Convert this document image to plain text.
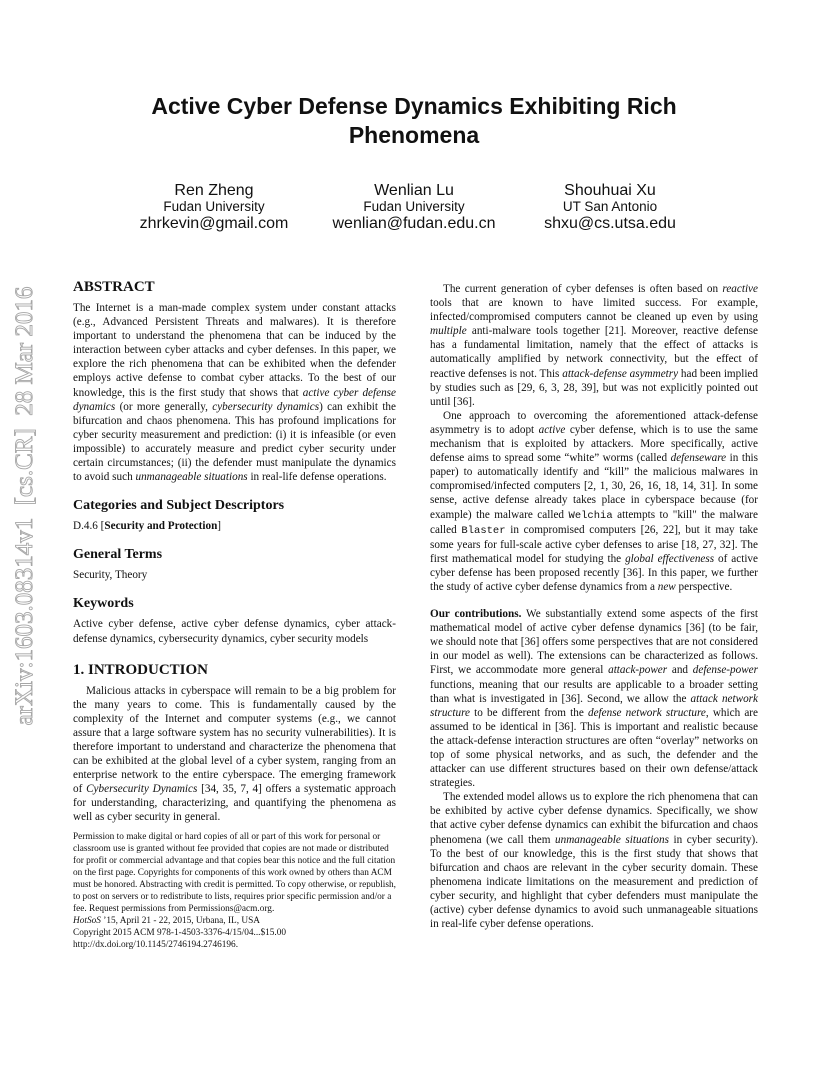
Active Cyber Defense Dynamics Exhibiting Rich
Phenomena
Ren Zheng
Fudan University
zhrkevin@gmail.com
Wenlian Lu
Fudan University
wenlian@fudan.edu.cn
Shouhuai Xu
UT San Antonio
shxu@cs.utsa.edu
arXiv:1603.08314v1  [cs.CR]  28 Mar 2016 ABSTRACT

The Internet is a man-made complex system under constant attacks (e.g., Advanced Persistent Threats and malwares). It is therefore important to understand the phenomena that can be induced by the interaction between cyber attacks and cyber defenses. In this paper, we explore the rich phenomena that can be exhibited when the defender employs active defense to combat cyber attacks. To the best of our knowledge, this is the first study that shows that active cyber defense dynamics (or more generally, cybersecurity dynamics) can exhibit the bifurcation and chaos phenomena. This has profound implications for cyber security measurement and prediction: (i) it is infeasible (or even impossible) to accurately measure and predict cyber security under certain circumstances; (ii) the defender must manipulate the dynamics to avoid such unmanageable situations in real-life defense operations.

Categories and Subject Descriptors

D.4.6 [Security and Protection]

General Terms

Security, Theory

Keywords

Active cyber defense, active cyber defense dynamics, cyber attack-defense dynamics, cybersecurity dynamics, cyber security models

1. INTRODUCTION

Malicious attacks in cyberspace will remain to be a big problem for the many years to come. This is fundamentally caused by the complexity of the Internet and computer systems (e.g., we cannot assure that a large software system has no security vulnerabilities). It is therefore important to understand and characterize the phenomena that can be exhibited at the global level of a cyber system, ranging from an enterprise network to the entire cyberspace. The emerging framework of Cybersecurity Dynamics [34, 35, 7, 4] offers a systematic approach for understanding, characterizing, and quantifying the phenomena as well as cyber security in general.

Permission to make digital or hard copies of all or part of this work for personal or classroom use is granted without fee provided that copies are not made or distributed for profit or commercial advantage and that copies bear this notice and the full citation on the first page. Copyrights for components of this work owned by others than ACM must be honored. Abstracting with credit is permitted. To copy otherwise, or republish, to post on servers or to redistribute to lists, requires prior specific permission and/or a fee. Request permissions from Permissions@acm.org.

HotSoS ’15, April 21 - 22, 2015, Urbana, IL, USA

Copyright 2015 ACM 978-1-4503-3376-4/15/04...$15.00

http://dx.doi.org/10.1145/2746194.2746196.

The current generation of cyber defenses is often based on reactive tools that are known to have limited success. For example, infected/compromised computers cannot be cleaned up even by using multiple anti-malware tools together [21]. Moreover, reactive defense has a fundamental limitation, namely that the effect of attacks is automatically amplified by network connectivity, but the effect of reactive defenses is not. This attack-defense asymmetry had been implied by studies such as [29, 6, 3, 28, 39], but was not explicitly pointed out until [36].

One approach to overcoming the aforementioned attack-defense asymmetry is to adopt active cyber defense, which is to use the same mechanism that is exploited by attackers. More specifically, active defense aims to spread some “white” worms (called defenseware in this paper) to automatically identify and “kill” the malicious malwares in compromised/infected computers [2, 1, 30, 26, 16, 18, 14, 31]. In some sense, active defense already takes place in cyberspace because (for example) the malware called Welchia attempts to "kill" the malware called Blaster in compromised computers [26, 22], but it may take some years for full-scale active cyber defenses to arise [18, 27, 32]. The first mathematical model for studying the global effectiveness of active cyber defense has been proposed recently [36]. In this paper, we further the study of active cyber defense dynamics from a new perspective.

Our contributions. We substantially extend some aspects of the first mathematical model of active cyber defense dynamics [36] (to be fair, we should note that [36] offers some perspectives that are not considered in our model as well). The extensions can be characterized as follows. First, we accommodate more general attack-power and defense-power functions, meaning that our results are applicable to a broader setting than what is investigated in [36]. Second, we allow the attack network structure to be different from the defense network structure, which are assumed to be identical in [36]. This is important and realistic because the attack-defense interaction structures are often “overlay” networks on top of some physical networks, and as such, the defender and the attacker can use different structures based on their own defense/attack strategies.

The extended model allows us to explore the rich phenomena that can be exhibited by active cyber defense dynamics. Specifically, we show that active cyber defense dynamics can exhibit the bifurcation and chaos phenomena (we call them unmanageable situations in cyber security). To the best of our knowledge, this is the first study that shows that bifurcation and chaos are relevant in the cyber security domain. These phenomena indicate limitations on the measurement and prediction of cyber security, and highlight that cyber defenders must manipulate the (active) cyber defense dynamics to avoid such unmanageable situations in real-life cyber defense operations.
